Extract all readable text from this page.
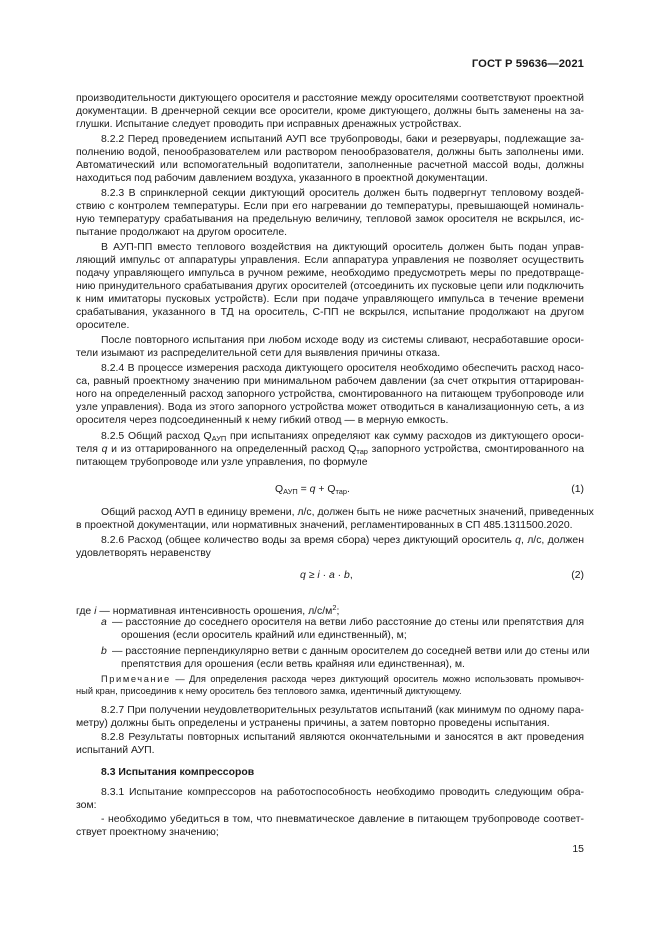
ГОСТ Р 59636—2021
производительности диктующего оросителя и расстояние между оросителями соответствуют проектной
документации. В дренчерной секции все оросители, кроме диктующего, должны быть заменены на за-
глушки. Испытание следует проводить при исправных дренажных устройствах.
8.2.2 Перед проведением испытаний АУП все трубопроводы, баки и резервуары, подлежащие за-
полнению водой, пенообразователем или раствором пенообразователя, должны быть заполнены ими.
Автоматический или вспомогательный водопитатели, заполненные расчетной массой воды, должны
находиться под рабочим давлением воздуха, указанного в проектной документации.
8.2.3 В спринклерной секции диктующий ороситель должен быть подвергнут тепловому воздей-
ствию с контролем температуры. Если при его нагревании до температуры, превышающей номиналь-
ную температуру срабатывания на предельную величину, тепловой замок оросителя не вскрылся, ис-
пытание продолжают на другом оросителе.
В АУП-ПП вместо теплового воздействия на диктующий ороситель должен быть подан управ-
ляющий импульс от аппаратуры управления. Если аппаратура управления не позволяет осуществить
подачу управляющего импульса в ручном режиме, необходимо предусмотреть меры по предотвраще-
нию принудительного срабатывания других оросителей (отсоединить их пусковые цепи или подключить
к ним имитаторы пусковых устройств). Если при подаче управляющего импульса в течение времени
срабатывания, указанного в ТД на ороситель, С-ПП не вскрылся, испытание продолжают на другом
оросителе.
После повторного испытания при любом исходе воду из системы сливают, несработавшие ороси-
тели изымают из распределительной сети для выявления причины отказа.
8.2.4 В процессе измерения расхода диктующего оросителя необходимо обеспечить расход насо-
са, равный проектному значению при минимальном рабочем давлении (за счет открытия оттарирован-
ного на определенный расход запорного устройства, смонтированного на питающем трубопроводе или
узле управления). Вода из этого запорного устройства может отводиться в канализационную сеть, а из
оросителя через подсоединенный к нему гибкий отвод — в мерную емкость.
8.2.5 Общий расход $Q_{АУП}$ при испытаниях определяют как сумму расходов из диктующего ороси-
теля q и из оттарированного на определенный расход $Q_{тар}$ запорного устройства, смонтированного на
питающем трубопроводе или узле управления, по формуле
$Q_{АУП} = q + Q_{тар}$.	(1)
Общий расход АУП в единицу времени, л/с, должен быть не ниже расчетных значений, приведенных
в проектной документации, или нормативных значений, регламентированных в СП 485.1311500.2020.
8.2.6 Расход (общее количество воды за время сбора) через диктующий ороситель q, л/с, должен
удовлетворять неравенству
q ≥ i · a · b,	(2)
где i — нормативная интенсивность орошения, $л/с/м^2$;
a — расстояние до соседнего оросителя на ветви либо расстояние до стены или препятствия для
орошения (если ороситель крайний или единственный), м;
b — расстояние перпендикулярно ветви с данным оросителем до соседней ветви или до стены или
препятствия для орошения (если ветвь крайняя или единственная), м.
Примечание — Для определения расхода через диктующий ороситель можно использовать промывоч-
ный кран, присоединив к нему ороситель без теплового замка, идентичный диктующему.
8.2.7 При получении неудовлетворительных результатов испытаний (как минимум по одному пара-
метру) должны быть определены и устранены причины, а затем повторно проведены испытания.
8.2.8 Результаты повторных испытаний являются окончательными и заносятся в акт проведения
испытаний АУП.
8.3 Испытания компрессоров
8.3.1 Испытание компрессоров на работоспособность необходимо проводить следующим обра-
зом:
- необходимо убедиться в том, что пневматическое давление в питающем трубопроводе соответ-
ствует проектному значению;
15
